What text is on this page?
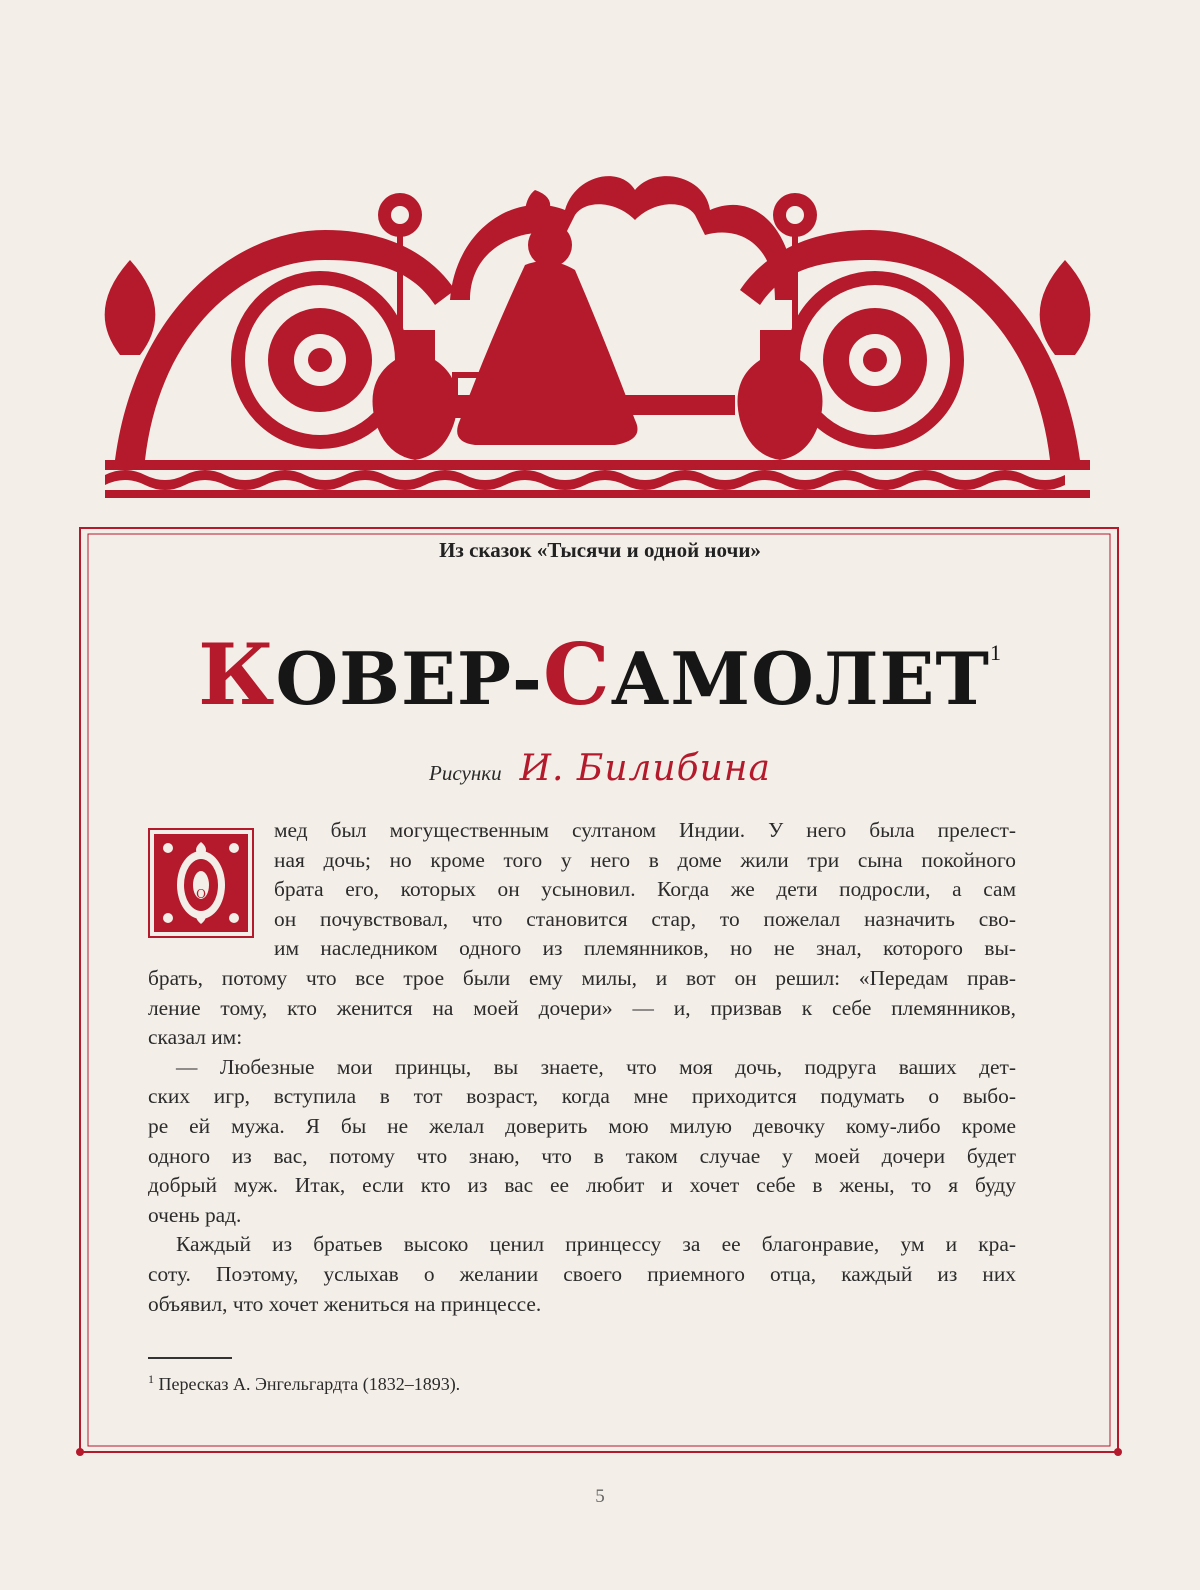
Из сказок «Тысячи и одной ночи»
КОВЕР-САМОЛЕТ$^1$
Рисунки И. Билибина
О
мед был могущественным султаном Индии. У него была прелест-
ная дочь; но кроме того у него в доме жили три сына покойного
брата его, которых он усыновил. Когда же дети подросли, а сам
он почувствовал, что становится стар, то пожелал назначить сво-
им наследником одного из племянников, но не знал, которого вы-
брать, потому что все трое были ему милы, и вот он решил: «Передам прав-
ление тому, кто женится на моей дочери» — и, призвав к себе племянников,
сказал им:
— Любезные мои принцы, вы знаете, что моя дочь, подруга ваших дет-
ских игр, вступила в тот возраст, когда мне приходится подумать о выбо-
ре ей мужа. Я бы не желал доверить мою милую девочку кому-либо кроме
одного из вас, потому что знаю, что в таком случае у моей дочери будет
добрый муж. Итак, если кто из вас ее любит и хочет себе в жены, то я буду
очень рад.
Каждый из братьев высоко ценил принцессу за ее благонравие, ум и кра-
соту. Поэтому, услыхав о желании своего приемного отца, каждый из них
объявил, что хочет жениться на принцессе.
$^1$ Пересказ А. Энгельгардта (1832–1893).
5
